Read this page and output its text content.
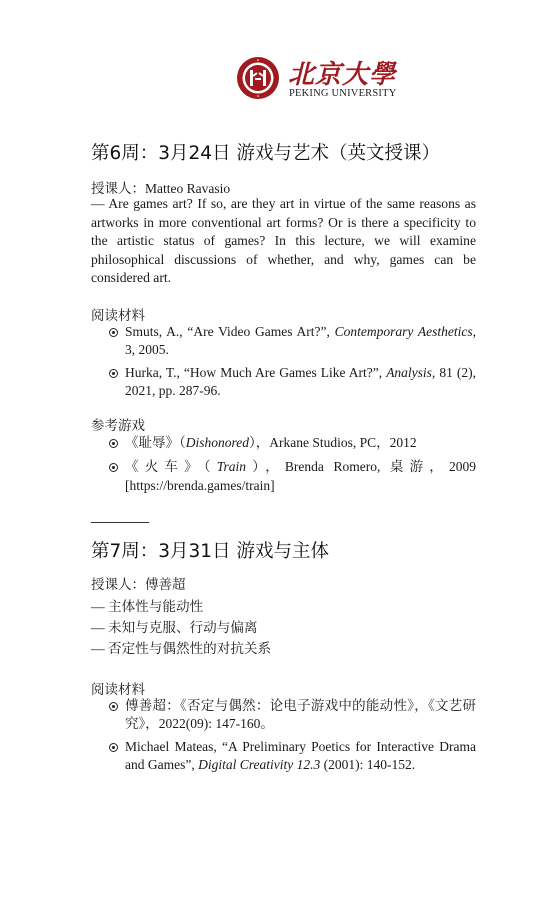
北京大學
PEKING UNIVERSITY
第6周：3月24日 游戏与艺术（英文授课）
授课人：Matteo Ravasio
— Are games art? If so, are they art in virtue of the same reasons as artworks in more conventional art forms? Or is there a specificity to the artistic status of games? In this lecture, we will examine philosophical discussions of whether, and why, games can be considered art.
阅读材料
Smuts, A., “Are Video Games Art?”, Contemporary Aesthetics, 3, 2005.
Hurka, T., “How Much Are Games Like Art?”, Analysis, 81 (2), 2021, pp. 287-96.
参考游戏
《耻辱》（Dishonored），Arkane Studios, PC，2012
《火车》（Train），Brenda Romero, 桌游，2009 [https://brenda.games/train]
第7周：3月31日 游戏与主体
授课人：傅善超
— 主体性与能动性
— 未知与克服、行动与偏离
— 否定性与偶然性的对抗关系
阅读材料
傅善超：《否定与偶然：论电子游戏中的能动性》，《文艺研究》，2022(09): 147-160。
Michael Mateas, “A Preliminary Poetics for Interactive Drama and Games”, Digital Creativity 12.3 (2001): 140-152.
